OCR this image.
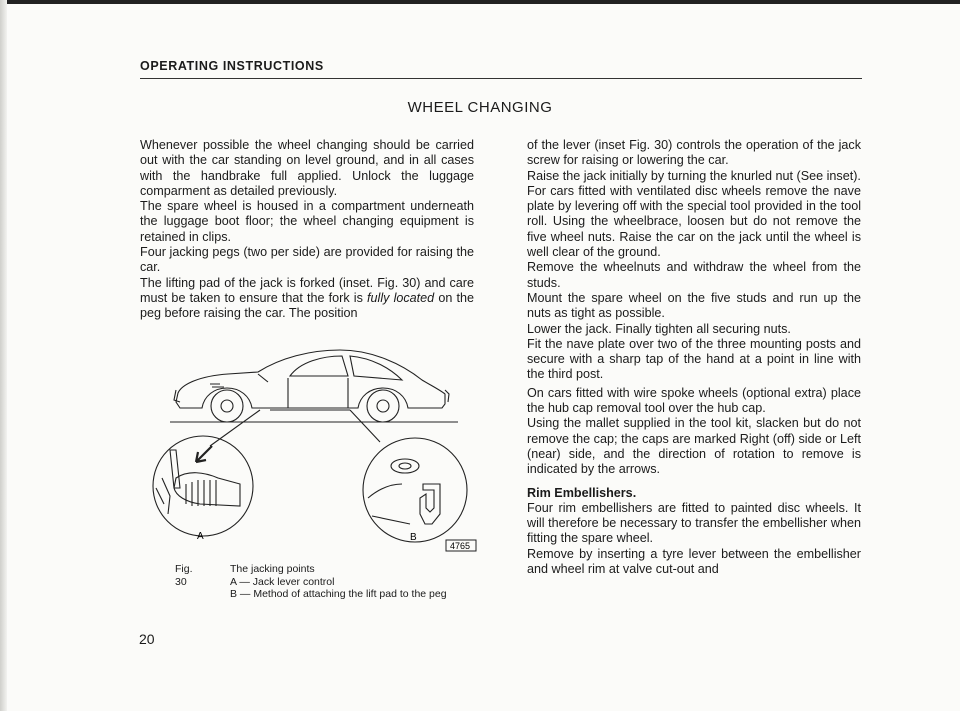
OPERATING INSTRUCTIONS
WHEEL CHANGING

Whenever possible the wheel changing should be carried out with the car standing on level ground, and in all cases with the handbrake full applied. Unlock the luggage comparment as detailed previously.

The spare wheel is housed in a compartment underneath the luggage boot floor; the wheel changing equipment is retained in clips.

Four jacking pegs (two per side) are provided for raising the car.

The lifting pad of the jack is forked (inset. Fig. 30) and care must be taken to ensure that the fork is fully located on the peg before raising the car. The position

A	B
4765
Fig. 30
The jacking points
A — Jack lever control
B — Method of attaching the lift pad to the peg

of the lever (inset Fig. 30) controls the operation of the jack screw for raising or lowering the car.

Raise the jack initially by turning the knurled nut (See inset).

For cars fitted with ventilated disc wheels remove the nave plate by levering off with the special tool provided in the tool roll. Using the wheelbrace, loosen but do not remove the five wheel nuts. Raise the car on the jack until the wheel is well clear of the ground.

Remove the wheelnuts and withdraw the wheel from the studs.

Mount the spare wheel on the five studs and run up the nuts as tight as possible.

Lower the jack. Finally tighten all securing nuts.

Fit the nave plate over two of the three mounting posts and secure with a sharp tap of the hand at a point in line with the third post.

On cars fitted with wire spoke wheels (optional extra) place the hub cap removal tool over the hub cap.

Using the mallet supplied in the tool kit, slacken but do not remove the cap; the caps are marked Right (off) side or Left (near) side, and the direction of rotation to remove is indicated by the arrows.

Rim Embellishers.

Four rim embellishers are fitted to painted disc wheels. It will therefore be necessary to transfer the embellisher when fitting the spare wheel.

Remove by inserting a tyre lever between the embellisher and wheel rim at valve cut-out and

20
